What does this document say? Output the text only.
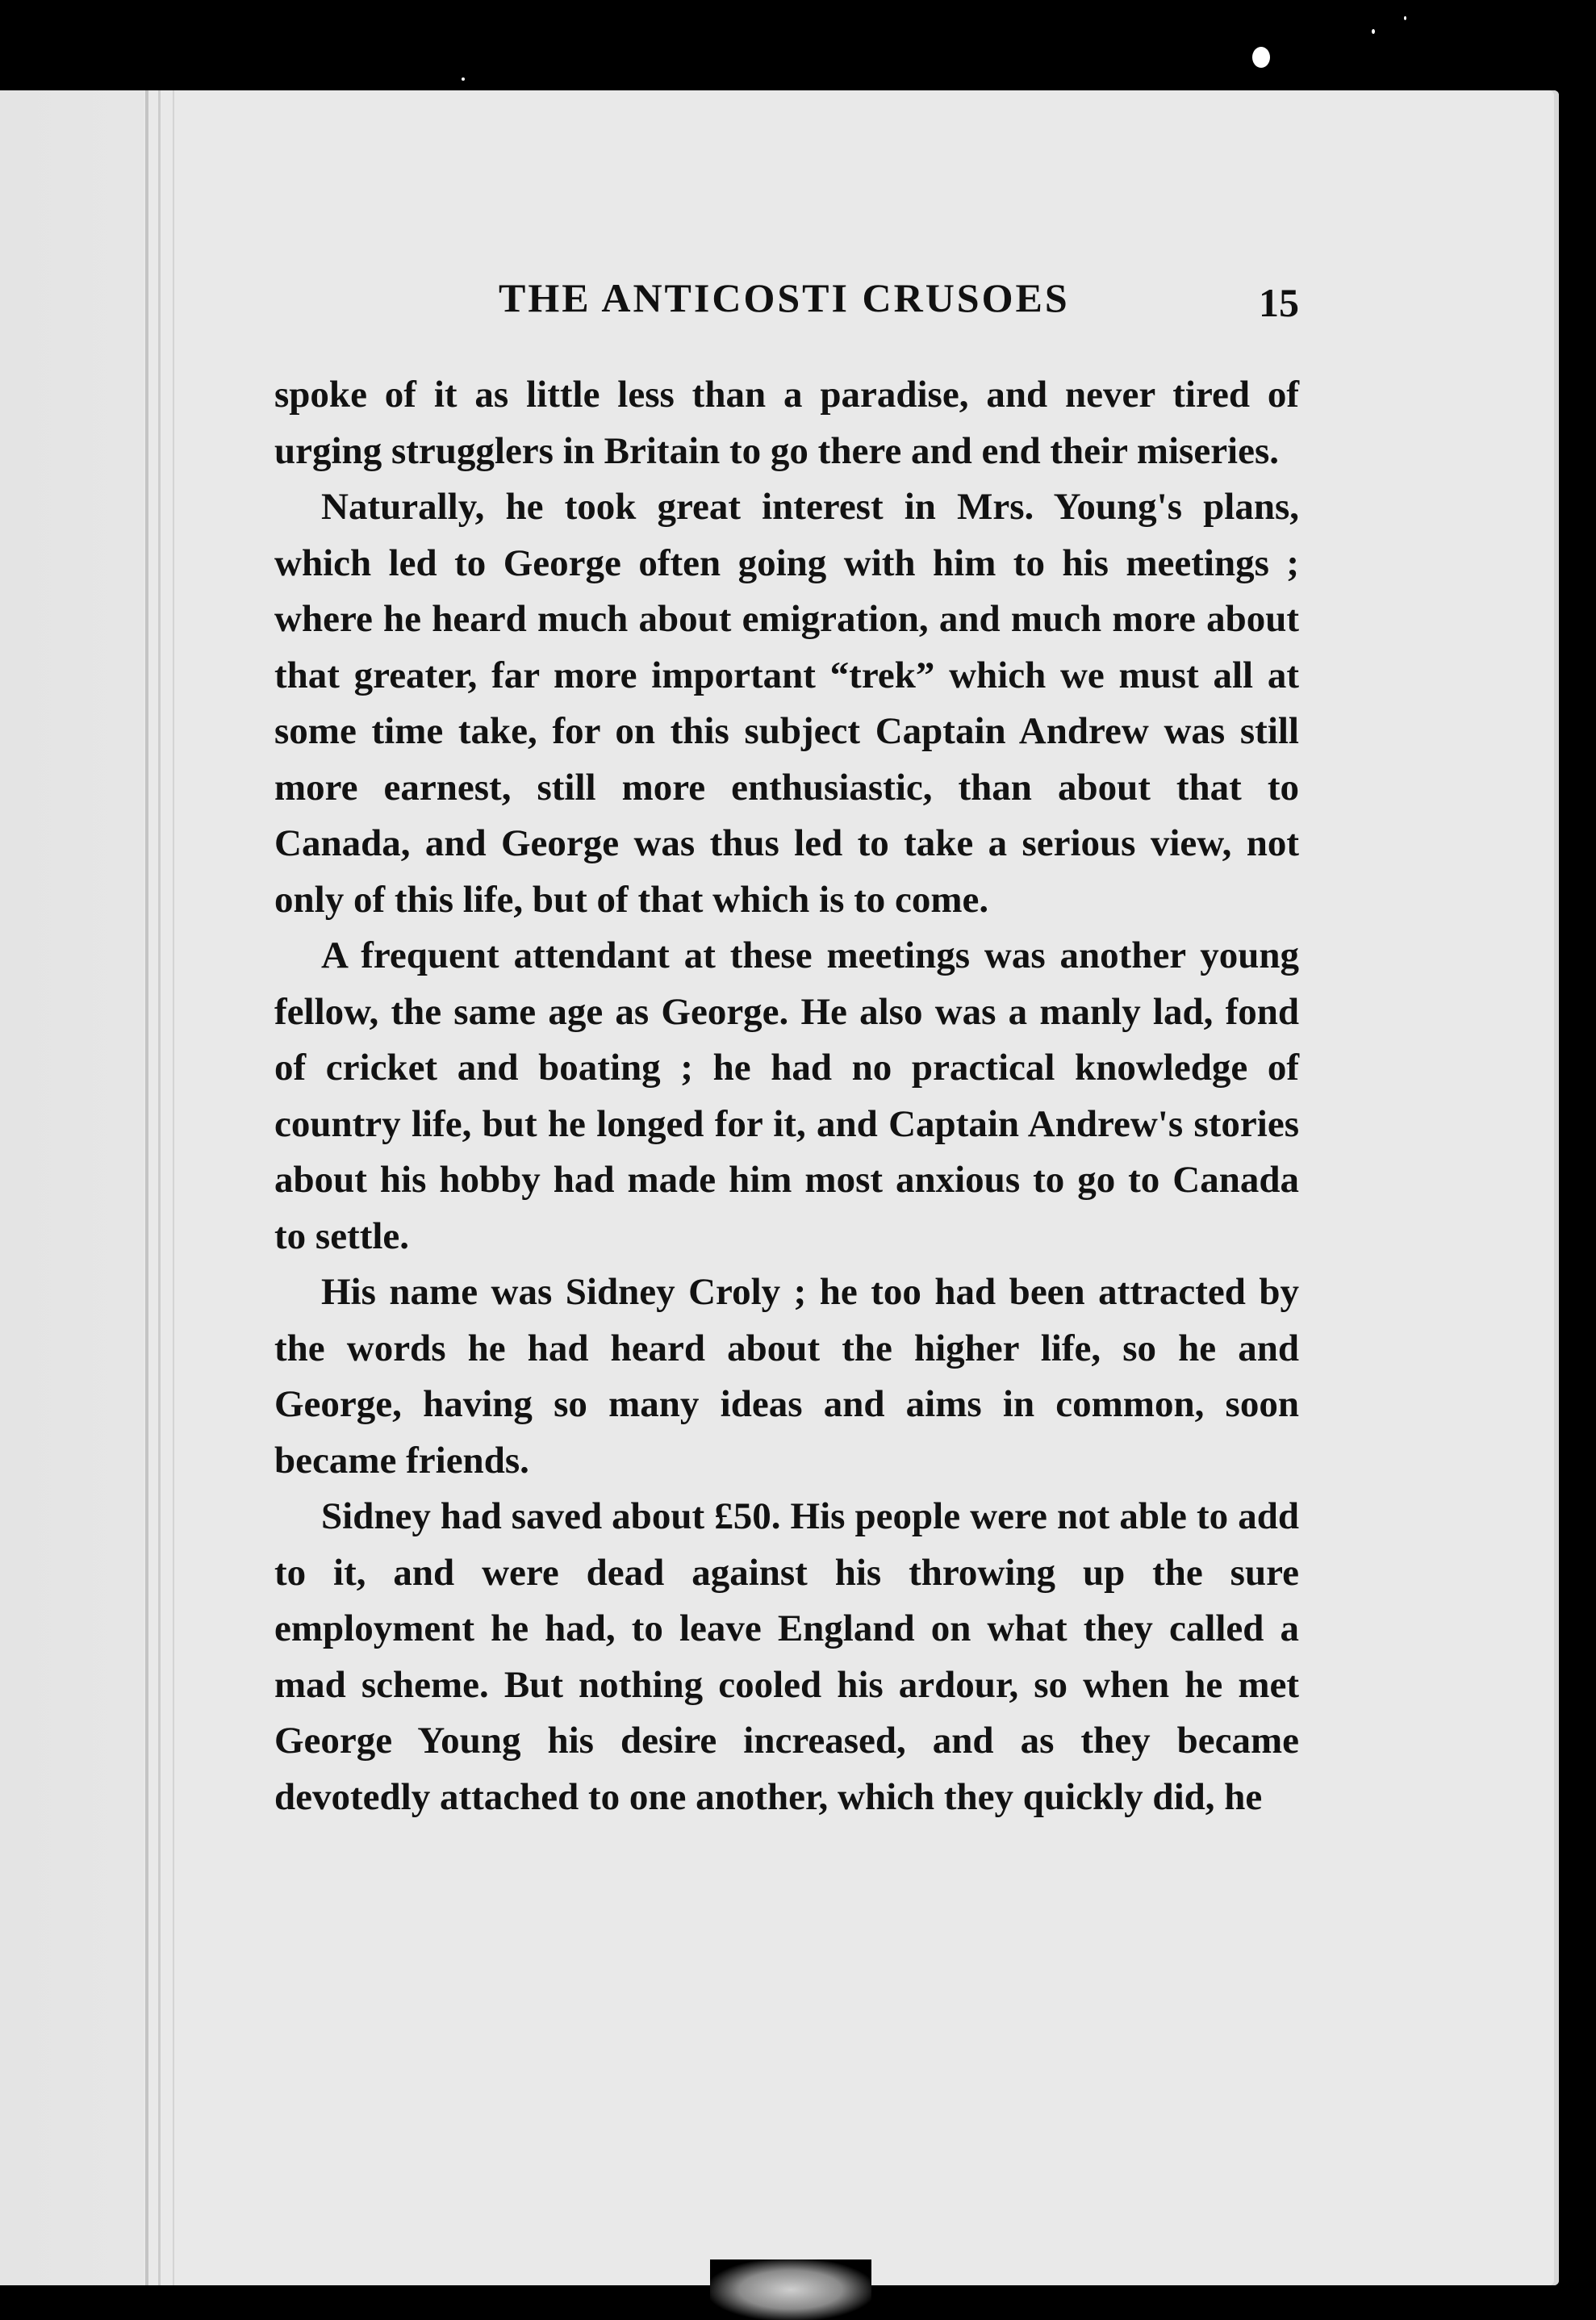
THE ANTICOSTI CRUSOES	15

spoke of it as little less than a paradise, and never tired of urging strugglers in Britain to go there and end their miseries.

Naturally, he took great interest in Mrs. Young's plans, which led to George often going with him to his meetings ; where he heard much about emigration, and much more about that greater, far more important “trek” which we must all at some time take, for on this subject Captain Andrew was still more earnest, still more enthusiastic, than about that to Canada, and George was thus led to take a serious view, not only of this life, but of that which is to come.

A frequent attendant at these meetings was another young fellow, the same age as George. He also was a manly lad, fond of cricket and boating ; he had no practical knowledge of country life, but he longed for it, and Captain Andrew's stories about his hobby had made him most anxious to go to Canada to settle.

His name was Sidney Croly ; he too had been attracted by the words he had heard about the higher life, so he and George, having so many ideas and aims in common, soon became friends.

Sidney had saved about £50. His people were not able to add to it, and were dead against his throwing up the sure employment he had, to leave England on what they called a mad scheme. But nothing cooled his ardour, so when he met George Young his desire increased, and as they became devotedly attached to one another, which they quickly did, he
